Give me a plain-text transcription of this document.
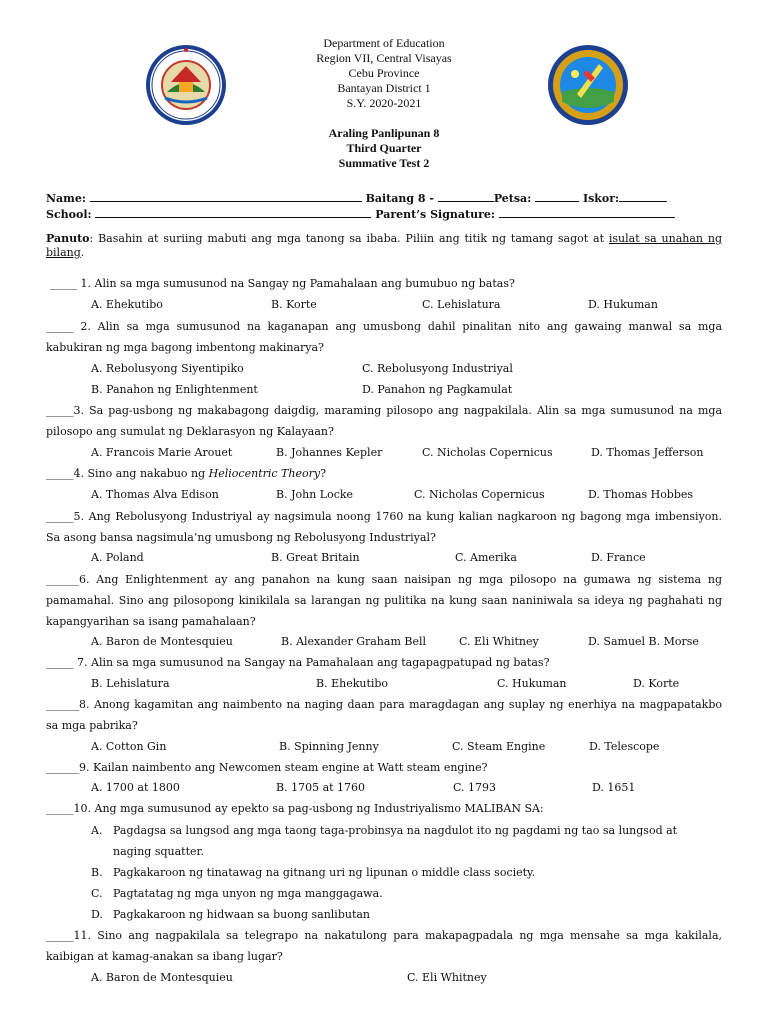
Department of Education
Region VII, Central Visayas
Cebu Province
Bantayan District 1
S.Y. 2020-2021
Araling Panlipunan 8
Third Quarter
Summative Test 2
Name:	Baitang 8 -	Petsa:	Iskor:
School:	Parent’s Signature:
Panuto: Basahin at suriing mabuti ang mga tanong sa ibaba. Piliin ang titik ng tamang sagot at isulat sa unahan ng bilang.
_____ 1. Alin sa mga sumusunod na Sangay ng Pamahalaan ang bumubuo ng batas?
A. Ehekutibo	B. Korte	C. Lehislatura	D. Hukuman
_____ 2. Alin sa mga sumusunod na kaganapan ang umusbong dahil pinalitan nito ang gawaing manwal sa mga kabukiran ng mga bagong imbentong makinarya?
A. Rebolusyong Siyentipiko	C. Rebolusyong Industriyal
B. Panahon ng Enlightenment	D. Panahon ng Pagkamulat
_____3. Sa pag-usbong ng makabagong daigdig, maraming pilosopo ang nagpakilala. Alin sa mga sumusunod na mga pilosopo ang sumulat ng Deklarasyon ng Kalayaan?
A. Francois Marie Arouet	B. Johannes Kepler	C. Nicholas Copernicus	D. Thomas Jefferson
_____4. Sino ang nakabuo ng Heliocentric Theory?
A. Thomas Alva Edison	B. John Locke	C. Nicholas Copernicus	D. Thomas Hobbes
_____5. Ang Rebolusyong Industriyal ay nagsimula noong 1760 na kung kalian nagkaroon ng bagong mga imbensiyon. Sa asong bansa nagsimula’ng umusbong ng Rebolusyong Industriyal?
A. Poland	B. Great Britain	C. Amerika	D. France
______6. Ang Enlightenment ay ang panahon na kung saan naisipan ng mga pilosopo na gumawa ng sistema ng pamamahal. Sino ang pilosopong kinikilala sa larangan ng pulitika na kung saan naniniwala sa ideya ng paghahati ng kapangyarihan sa isang pamahalaan?
A. Baron de Montesquieu	B. Alexander Graham Bell	C. Eli Whitney	D. Samuel B. Morse
_____ 7. Alin sa mga sumusunod na Sangay na Pamahalaan ang tagapagpatupad ng batas?
B. Lehislatura	B. Ehekutibo	C. Hukuman	D. Korte
______8. Anong kagamitan ang naimbento na naging daan para maragdagan ang suplay ng enerhiya na magpapatakbo sa mga pabrika?
A. Cotton Gin	B. Spinning Jenny	C. Steam Engine	D. Telescope
______9. Kailan naimbento ang Newcomen steam engine at Watt steam engine?
A. 1700 at 1800	B. 1705 at 1760	C. 1793	D. 1651
_____10. Ang mga sumusunod ay epekto sa pag-usbong ng Industriyalismo MALIBAN SA:
A. Pagdagsa sa lungsod ang mga taong taga-probinsya na nagdulot ito ng pagdami ng tao sa lungsod at
naging squatter.
B. Pagkakaroon ng tinatawag na gitnang uri ng lipunan o middle class society.
C. Pagtatatag ng mga unyon ng mga manggagawa.
D. Pagkakaroon ng hidwaan sa buong sanlibutan
_____11. Sino ang nagpakilala sa telegrapo na nakatulong para makapagpadala ng mga mensahe sa mga kakilala, kaibigan at kamag-anakan sa ibang lugar?
A. Baron de Montesquieu	C. Eli Whitney
